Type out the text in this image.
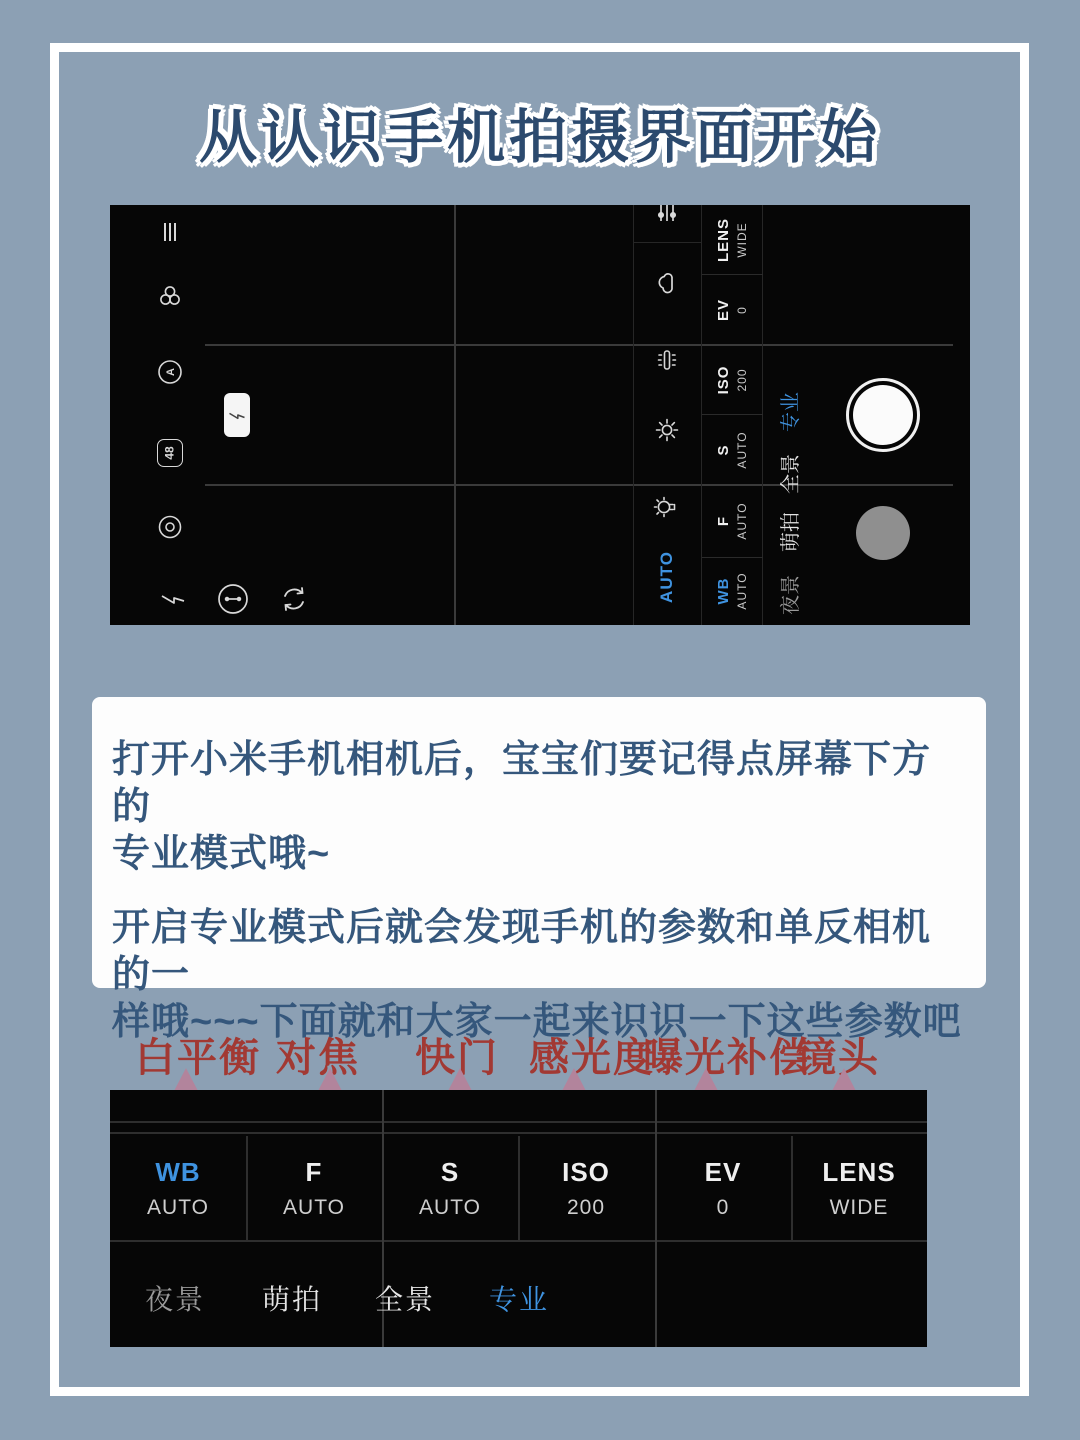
从认识手机拍摄界面开始
A
48
AUTO
LENS WIDE
EV 0
ISO 200
S AUTO
F AUTO
WB AUTO
专业
全景
萌拍
夜景
打开小米手机相机后，宝宝们要记得点屏幕下方的
专业模式哦~
开启专业模式后就会发现手机的参数和单反相机的一
样哦~~~下面就和大家一起来识识一下这些参数吧
白平衡 对焦 快门 感光度
曝光补偿
镜头
WB
AUTO
F
AUTO
S
AUTO
ISO
200
EV
0
LENS
WIDE
夜景 萌拍 全景 专业
